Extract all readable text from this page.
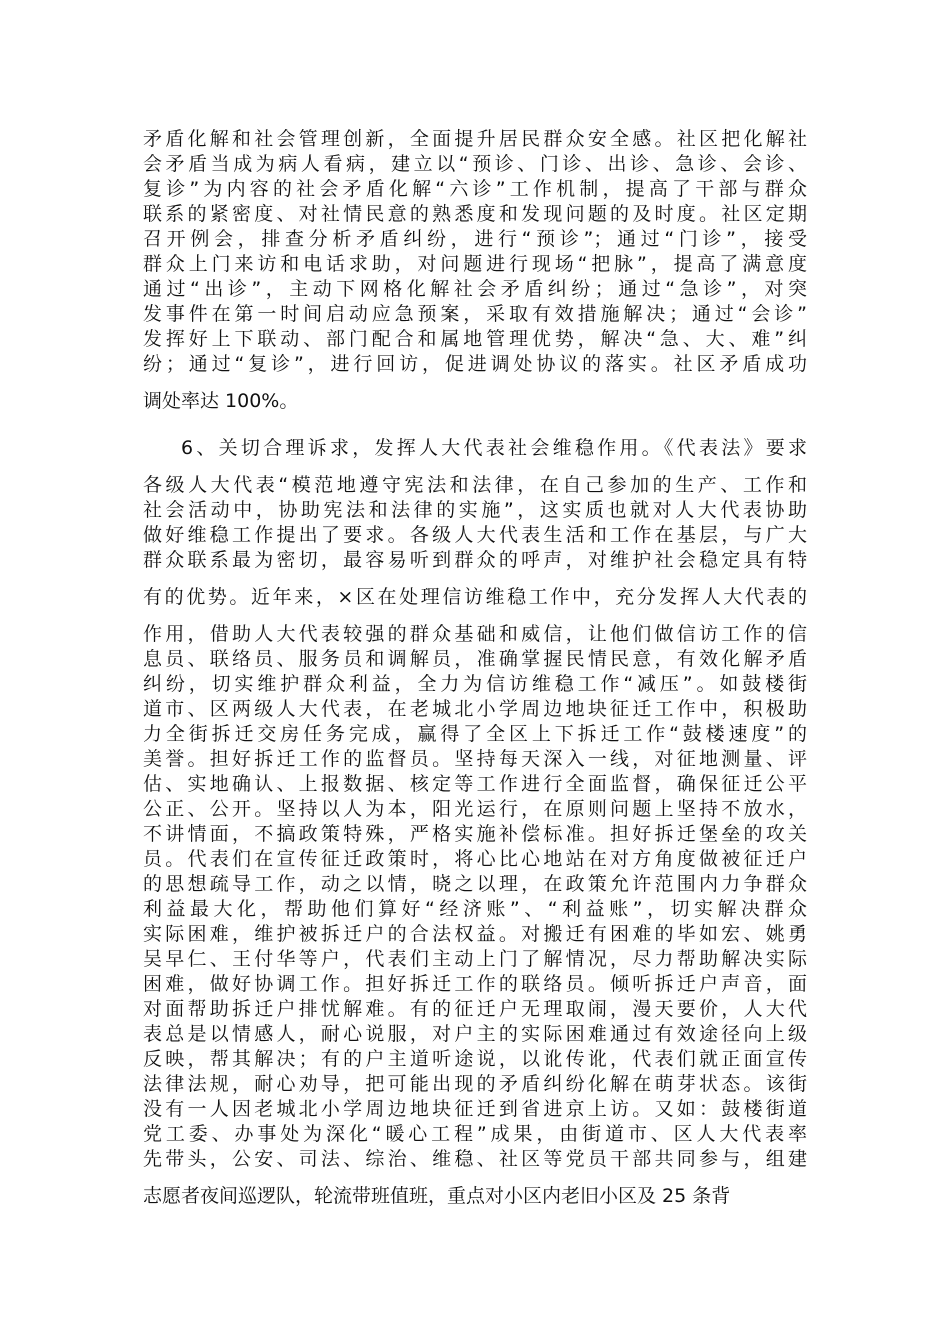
矛盾化解和社会管理创新，全面提升居民群众安全感。社区把化解社
会矛盾当成为病人看病，建立以“预诊、门诊、出诊、急诊、会诊、
复诊”为内容的社会矛盾化解“六诊”工作机制，提高了干部与群众
联系的紧密度、对社情民意的熟悉度和发现问题的及时度。社区定期
召开例会，排查分析矛盾纠纷，进行“预诊”；通过“门诊”，接受
群众上门来访和电话求助，对问题进行现场“把脉”，提高了满意度
通过“出诊”，主动下网格化解社会矛盾纠纷；通过“急诊”，对突
发事件在第一时间启动应急预案，采取有效措施解决；通过“会诊”
发挥好上下联动、部门配合和属地管理优势，解决“急、大、难”纠
纷；通过“复诊”，进行回访，促进调处协议的落实。社区矛盾成功
调处率达 100%。
6、关切合理诉求，发挥人大代表社会维稳作用。《代表法》要求
各级人大代表“模范地遵守宪法和法律，在自己参加的生产、工作和
社会活动中，协助宪法和法律的实施”，这实质也就对人大代表协助
做好维稳工作提出了要求。各级人大代表生活和工作在基层，与广大
群众联系最为密切，最容易听到群众的呼声，对维护社会稳定具有特
有的优势。近年来，×区在处理信访维稳工作中，充分发挥人大代表的
作用，借助人大代表较强的群众基础和威信，让他们做信访工作的信
息员、联络员、服务员和调解员，准确掌握民情民意，有效化解矛盾
纠纷，切实维护群众利益，全力为信访维稳工作“减压”。如鼓楼街
道市、区两级人大代表，在老城北小学周边地块征迁工作中，积极助
力全街拆迁交房任务完成，赢得了全区上下拆迁工作“鼓楼速度”的
美誉。担好拆迁工作的监督员。坚持每天深入一线，对征地测量、评
估、实地确认、上报数据、核定等工作进行全面监督，确保征迁公平
公正、公开。坚持以人为本，阳光运行，在原则问题上坚持不放水，
不讲情面，不搞政策特殊，严格实施补偿标准。担好拆迁堡垒的攻关
员。代表们在宣传征迁政策时，将心比心地站在对方角度做被征迁户
的思想疏导工作，动之以情，晓之以理，在政策允许范围内力争群众
利益最大化，帮助他们算好“经济账”、“利益账”，切实解决群众
实际困难，维护被拆迁户的合法权益。对搬迁有困难的毕如宏、姚勇
吴早仁、王付华等户，代表们主动上门了解情况，尽力帮助解决实际
困难，做好协调工作。担好拆迁工作的联络员。倾听拆迁户声音，面
对面帮助拆迁户排忧解难。有的征迁户无理取闹，漫天要价，人大代
表总是以情感人，耐心说服，对户主的实际困难通过有效途径向上级
反映，帮其解决；有的户主道听途说，以讹传讹，代表们就正面宣传
法律法规，耐心劝导，把可能出现的矛盾纠纷化解在萌芽状态。该街
没有一人因老城北小学周边地块征迁到省进京上访。又如：鼓楼街道
党工委、办事处为深化“暖心工程”成果，由街道市、区人大代表率
先带头，公安、司法、综治、维稳、社区等党员干部共同参与，组建
志愿者夜间巡逻队，轮流带班值班，重点对小区内老旧小区及 25 条背
